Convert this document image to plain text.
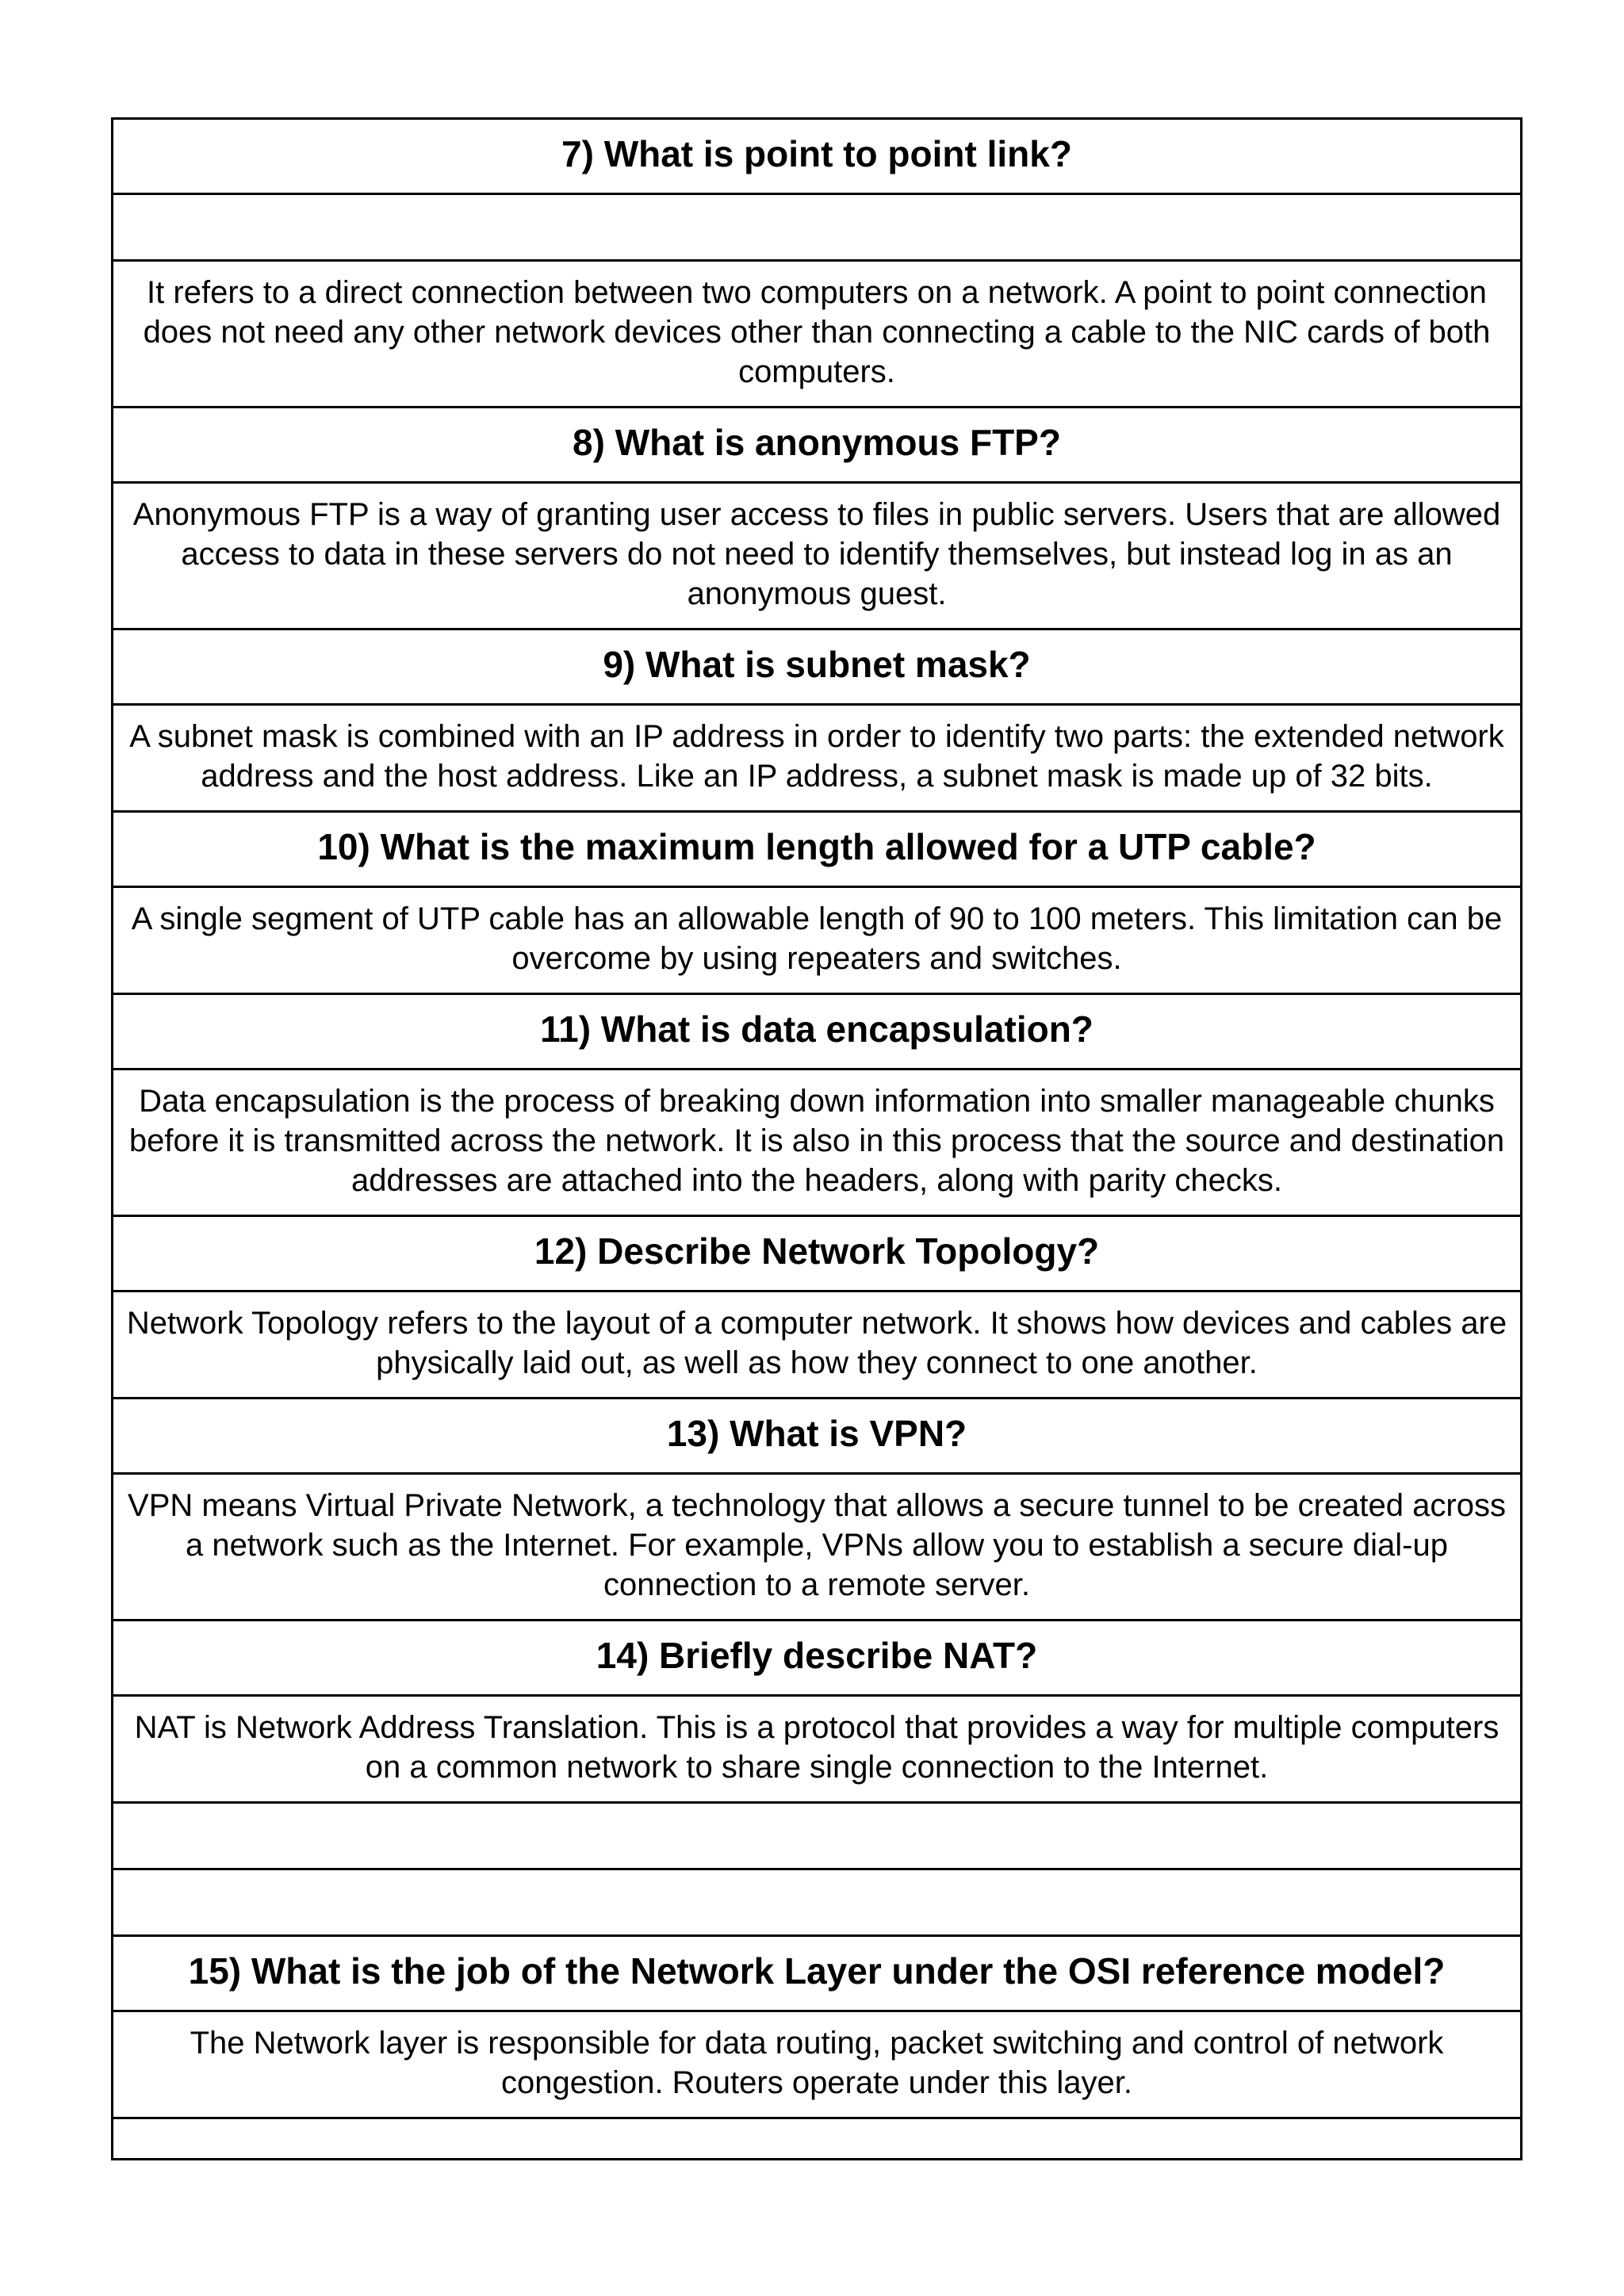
7) What is point to point link?

It refers to a direct connection between two computers on a network. A point to point connection does not need any other network devices other than connecting a cable to the NIC cards of both computers.
8) What is anonymous FTP?
Anonymous FTP is a way of granting user access to files in public servers. Users that are allowed access to data in these servers do not need to identify themselves, but instead log in as an anonymous guest.
9) What is subnet mask?
A subnet mask is combined with an IP address in order to identify two parts: the extended network address and the host address. Like an IP address, a subnet mask is made up of 32 bits.
10) What is the maximum length allowed for a UTP cable?
A single segment of UTP cable has an allowable length of 90 to 100 meters. This limitation can be overcome by using repeaters and switches.
11) What is data encapsulation?
Data encapsulation is the process of breaking down information into smaller manageable chunks before it is transmitted across the network. It is also in this process that the source and destination addresses are attached into the headers, along with parity checks.
12) Describe Network Topology?
Network Topology refers to the layout of a computer network. It shows how devices and cables are physically laid out, as well as how they connect to one another.
13) What is VPN?
VPN means Virtual Private Network, a technology that allows a secure tunnel to be created across a network such as the Internet. For example, VPNs allow you to establish a secure dial-up connection to a remote server.
14) Briefly describe NAT?
NAT is Network Address Translation. This is a protocol that provides a way for multiple computers on a common network to share single connection to the Internet.

15) What is the job of the Network Layer under the OSI reference model?
The Network layer is responsible for data routing, packet switching and control of network congestion. Routers operate under this layer.
